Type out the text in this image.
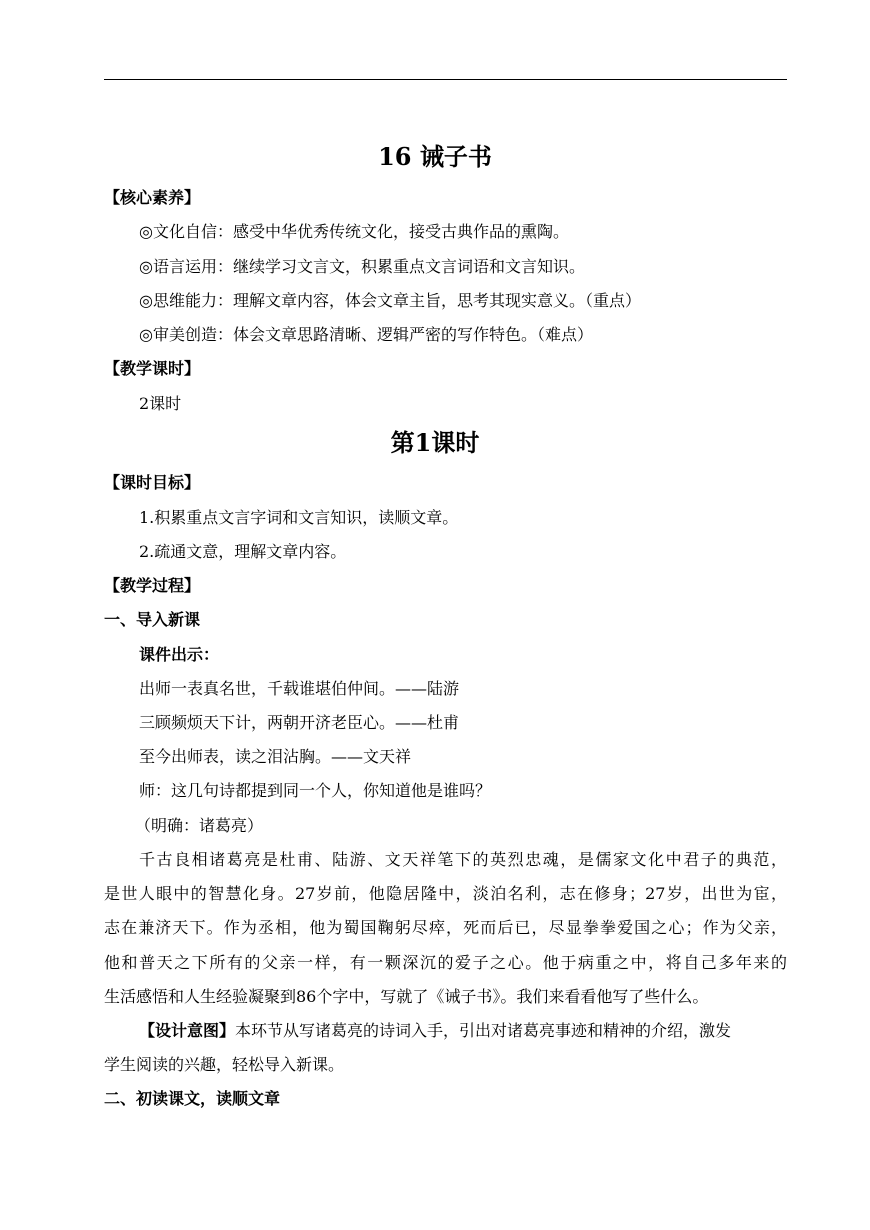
16 诫子书
【核心素养】
◎文化自信：感受中华优秀传统文化，接受古典作品的熏陶。
◎语言运用：继续学习文言文，积累重点文言词语和文言知识。
◎思维能力：理解文章内容，体会文章主旨，思考其现实意义。（重点）
◎审美创造：体会文章思路清晰、逻辑严密的写作特色。（难点）
【教学课时】
2课时
第1课时
【课时目标】
1.积累重点文言字词和文言知识，读顺文章。
2.疏通文意，理解文章内容。
【教学过程】
一、导入新课
课件出示：
出师一表真名世，千载谁堪伯仲间。——陆游
三顾频烦天下计，两朝开济老臣心。——杜甫
至今出师表，读之泪沾胸。——文天祥
师：这几句诗都提到同一个人，你知道他是谁吗？
（明确：诸葛亮）
千古良相诸葛亮是杜甫、陆游、文天祥笔下的英烈忠魂，是儒家文化中君子的典范，
是世人眼中的智慧化身。27岁前，他隐居隆中，淡泊名利，志在修身；27岁，出世为宦，
志在兼济天下。作为丞相，他为蜀国鞠躬尽瘁，死而后已，尽显拳拳爱国之心；作为父亲，
他和普天之下所有的父亲一样，有一颗深沉的爱子之心。他于病重之中，将自己多年来的
生活感悟和人生经验凝聚到86个字中，写就了《诫子书》。我们来看看他写了些什么。
【设计意图】本环节从写诸葛亮的诗词入手，引出对诸葛亮事迹和精神的介绍，激发
学生阅读的兴趣，轻松导入新课。
二、初读课文，读顺文章
